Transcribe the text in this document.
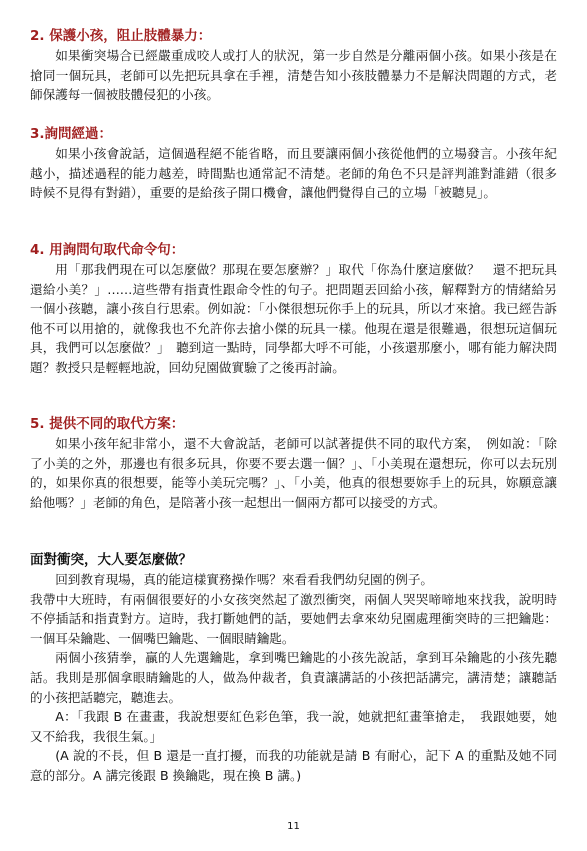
2. 保護小孩，阻止肢體暴力：

如果衝突場合已經嚴重成咬人或打人的狀況，第一步自然是分離兩個小孩。如果小孩是在搶同一個玩具，老師可以先把玩具拿在手裡，清楚告知小孩肢體暴力不是解決問題的方式，老師保護每一個被肢體侵犯的小孩。

3.詢問經過：

如果小孩會說話，這個過程絕不能省略，而且要讓兩個小孩從他們的立場發言。小孩年紀越小，描述過程的能力越差，時間點也通常記不清楚。老師的角色不只是評判誰對誰錯（很多時候不見得有對錯），重要的是給孩子開口機會，讓他們覺得自己的立場「被聽見」。

4. 用詢問句取代命令句：

用「那我們現在可以怎麼做？那現在要怎麼辦？」取代「你為什麼這麼做？　還不把玩具還給小美？」……這些帶有指責性跟命令性的句子。把問題丟回給小孩，解釋對方的情緒給另一個小孩聽，讓小孩自行思索。例如說：「小傑很想玩你手上的玩具，所以才來搶。我已經告訴他不可以用搶的，就像我也不允許你去搶小傑的玩具一樣。他現在還是很難過，很想玩這個玩具，我們可以怎麼做？」　聽到這一點時，同學都大呼不可能，小孩還那麼小，哪有能力解決問題？教授只是輕輕地說，回幼兒園做實驗了之後再討論。

5. 提供不同的取代方案：

如果小孩年紀非常小，還不大會說話，老師可以試著提供不同的取代方案，　例如說：「除了小美的之外，那邊也有很多玩具，你要不要去選一個？」、「小美現在還想玩，你可以去玩別的，如果你真的很想要，能等小美玩完嗎？」、「小美，他真的很想要妳手上的玩具，妳願意讓給他嗎？」老師的角色，是陪著小孩一起想出一個兩方都可以接受的方式。

面對衝突，大人要怎麼做？

回到教育現場，真的能這樣實務操作嗎？來看看我們幼兒園的例子。

我帶中大班時，有兩個很要好的小女孩突然起了激烈衝突，兩個人哭哭啼啼地來找我，說明時不停插話和指責對方。這時，我打斷她們的話，要她們去拿來幼兒園處理衝突時的三把鑰匙：一個耳朵鑰匙、一個嘴巴鑰匙、一個眼睛鑰匙。

兩個小孩猜拳，贏的人先選鑰匙，拿到嘴巴鑰匙的小孩先說話，拿到耳朵鑰匙的小孩先聽話。我則是那個拿眼睛鑰匙的人，做為仲裁者，負責讓講話的小孩把話講完，講清楚；讓聽話的小孩把話聽完，聽進去。

A：「我跟 B 在畫畫，我說想要紅色彩色筆，我一說，她就把紅畫筆搶走，　我跟她要，她又不給我，我很生氣。」

(A 說的不長，但 B 還是一直打擾，而我的功能就是請 B 有耐心，記下 A 的重點及她不同意的部分。A 講完後跟 B 換鑰匙，現在換 B 講。)

11
